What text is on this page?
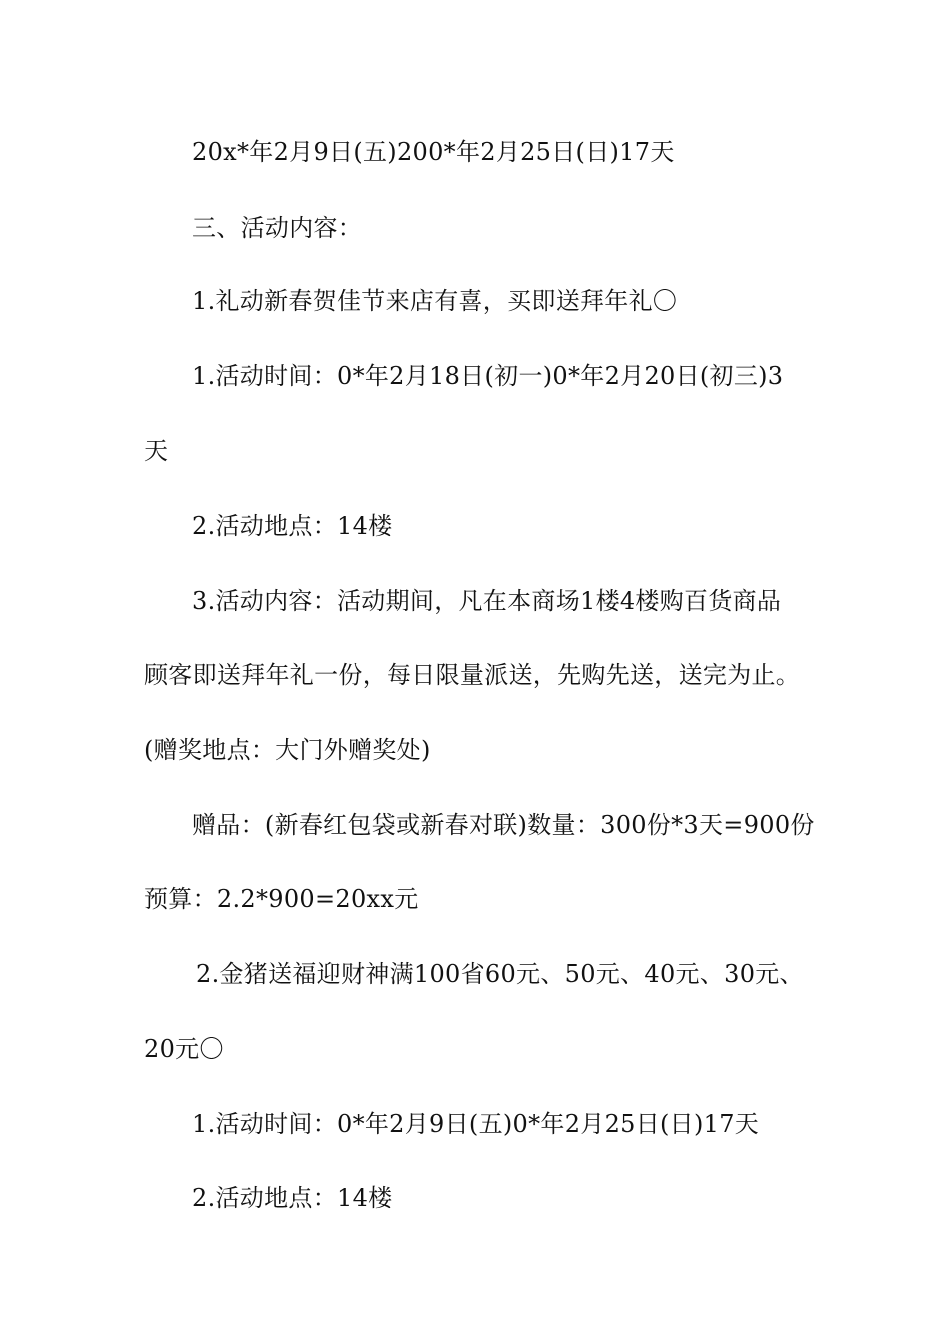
20x*年2月9日(五)200*年2月25日(日)17天
三、活动内容：
1.礼动新春贺佳节来店有喜，买即送拜年礼〇
1.活动时间：0*年2月18日(初一)0*年2月20日(初三)3
天
2.活动地点：14楼
3.活动内容：活动期间，凡在本商场1楼4楼购百货商品
顾客即送拜年礼一份，每日限量派送，先购先送，送完为止。
(赠奖地点：大门外赠奖处)
赠品：(新春红包袋或新春对联)数量：300份*3天=900份
预算：2.2*900=20xx元
2.金猪送福迎财神满100省60元、50元、40元、30元、
20元〇
1.活动时间：0*年2月9日(五)0*年2月25日(日)17天
2.活动地点：14楼
